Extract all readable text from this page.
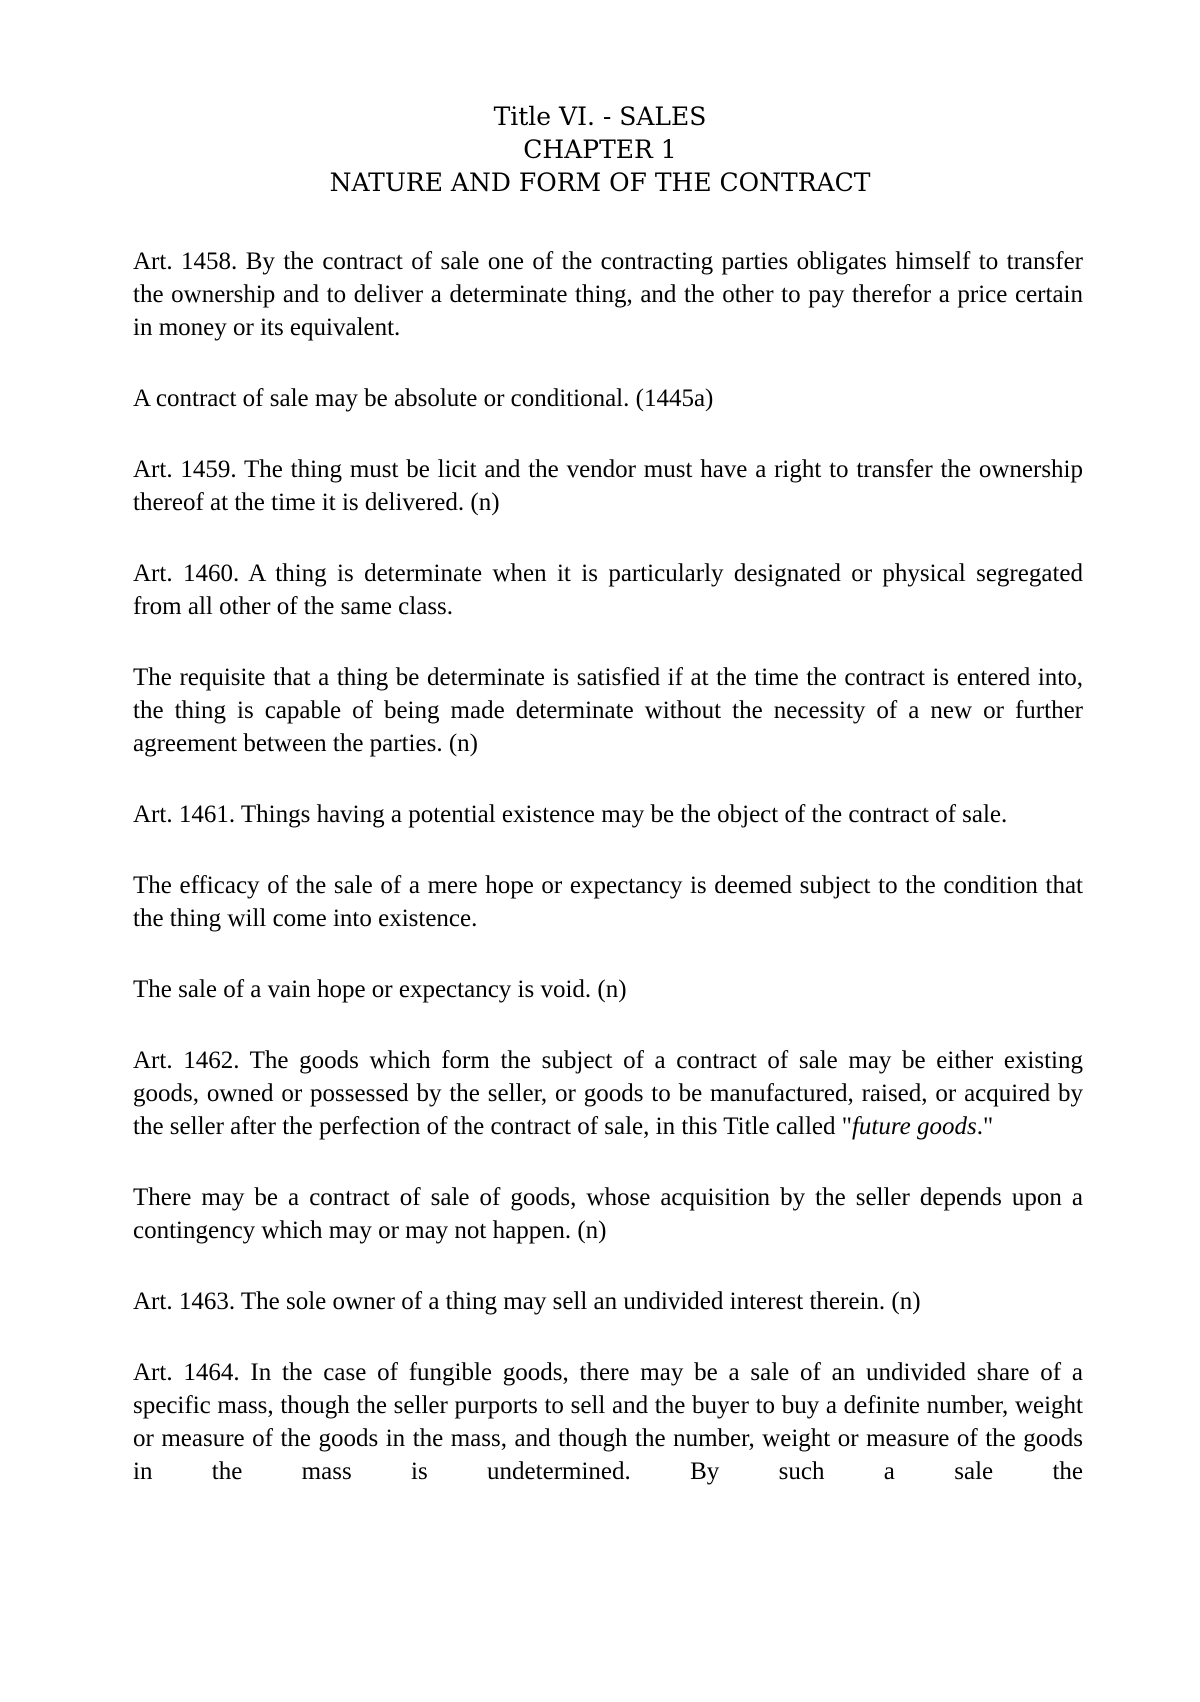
Title VI. - SALES
CHAPTER 1
NATURE AND FORM OF THE CONTRACT

Art. 1458. By the contract of sale one of the contracting parties obligates himself to transfer the ownership and to deliver a determinate thing, and the other to pay therefor a price certain in money or its equivalent.

A contract of sale may be absolute or conditional. (1445a)

Art. 1459. The thing must be licit and the vendor must have a right to transfer the ownership thereof at the time it is delivered. (n)

Art. 1460. A thing is determinate when it is particularly designated or physical segregated from all other of the same class.

The requisite that a thing be determinate is satisfied if at the time the contract is entered into, the thing is capable of being made determinate without the necessity of a new or further agreement between the parties. (n)

Art. 1461. Things having a potential existence may be the object of the contract of sale.

The efficacy of the sale of a mere hope or expectancy is deemed subject to the condition that the thing will come into existence.

The sale of a vain hope or expectancy is void. (n)

Art. 1462. The goods which form the subject of a contract of sale may be either existing goods, owned or possessed by the seller, or goods to be manufactured, raised, or acquired by the seller after the perfection of the contract of sale, in this Title called "future goods."

There may be a contract of sale of goods, whose acquisition by the seller depends upon a contingency which may or may not happen. (n)

Art. 1463. The sole owner of a thing may sell an undivided interest therein. (n)

Art. 1464. In the case of fungible goods, there may be a sale of an undivided share of a specific mass, though the seller purports to sell and the buyer to buy a definite number, weight or measure of the goods in the mass, and though the number, weight or measure of the goods in the mass is undetermined. By such a sale the
